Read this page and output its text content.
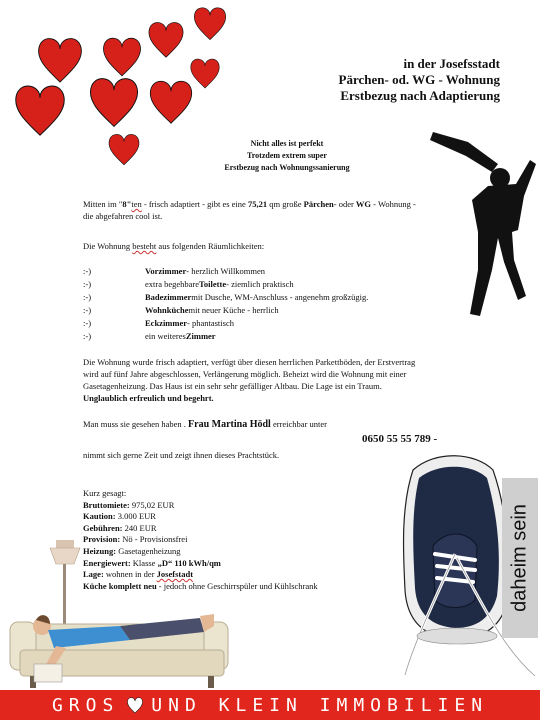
in der Josefsstadt
Pärchen- od. WG - Wohnung
Erstbezug nach Adaptierung
Nicht alles ist perfekt
Trotzdem extrem super
Erstbezug nach Wohnungssanierung
Mitten im "8"ten - frisch adaptiert - gibt es eine 75,21 qm große Pärchen- oder WG - Wohnung -
die abgefahren cool ist.
Die Wohnung besteht aus folgenden Räumlichkeiten:
:-)	Vorzimmer - herzlich Willkommen
:-)	extra begehbare Toilette - ziemlich praktisch
:-)	Badezimmer mit Dusche, WM-Anschluss - angenehm großzügig.
:-)	Wohnküche mit neuer Küche - herrlich
:-)	Eckzimmer - phantastisch
:-)	ein weiteres Zimmer
Die Wohnung wurde frisch adaptiert, verfügt über diesen herrlichen Parkettböden, der Erstvertrag
wird auf fünf Jahre abgeschlossen, Verlängerung möglich. Beheizt wird die Wohnung mit einer
Gasetagenheizung. Das Haus ist ein sehr sehr gefälliger Altbau. Die Lage ist ein Traum.
Unglaublich erfreulich und begehrt.
Man muss sie gesehen haben . Frau Martina Hödl erreichbar unter
0650 55 55 789 -
nimmt sich gerne Zeit und zeigt ihnen dieses Prachtstück.
Kurz gesagt:
Bruttomiete: 975,02 EUR
Kaution: 3.000 EUR
Gebühren: 240 EUR
Provision: Nö - Provisionsfrei
Heizung: Gasetagenheizung
Energiewert: Klasse „D“ 110 kWh/qm
Lage: wohnen in der Josefstadt
Küche komplett neu - jedoch ohne Geschirrspüler und Kühlschrank	daheim sein
GROS UND KLEIN IMMOBILIEN
